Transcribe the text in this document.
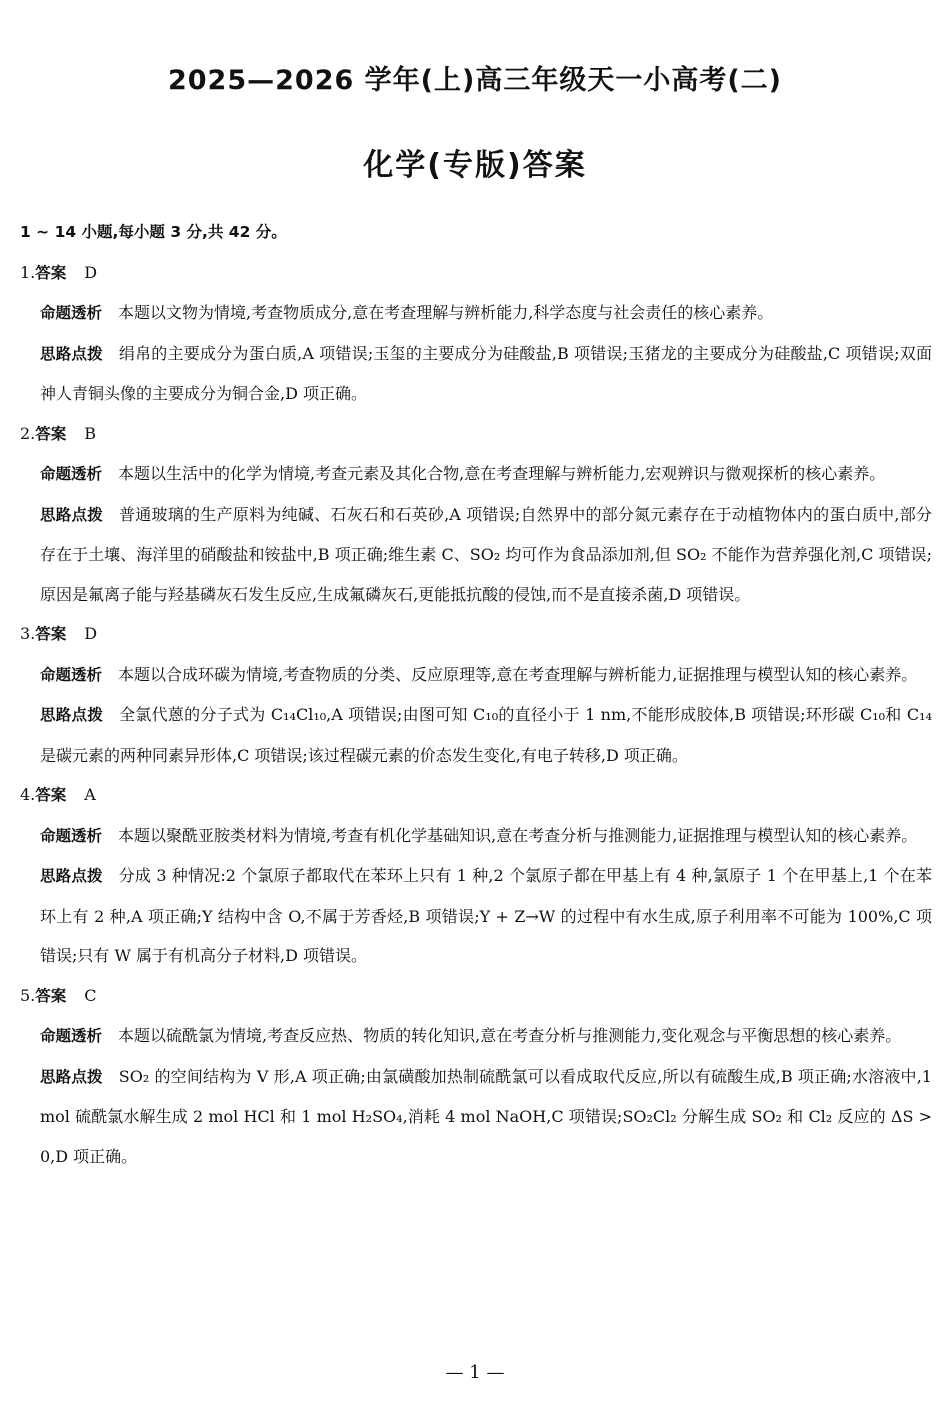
2025—2026 学年(上)高三年级天一小高考(二)
化学(专版)答案
1 ~ 14 小题,每小题 3 分,共 42 分。
1.答案 D
命题透析 本题以文物为情境,考查物质成分,意在考查理解与辨析能力,科学态度与社会责任的核心素养。
思路点拨 绢帛的主要成分为蛋白质,A 项错误;玉玺的主要成分为硅酸盐,B 项错误;玉猪龙的主要成分为硅酸盐,C 项错误;双面神人青铜头像的主要成分为铜合金,D 项正确。
2.答案 B
命题透析 本题以生活中的化学为情境,考查元素及其化合物,意在考查理解与辨析能力,宏观辨识与微观探析的核心素养。
思路点拨 普通玻璃的生产原料为纯碱、石灰石和石英砂,A 项错误;自然界中的部分氮元素存在于动植物体内的蛋白质中,部分存在于土壤、海洋里的硝酸盐和铵盐中,B 项正确;维生素 C、SO₂ 均可作为食品添加剂,但 SO₂ 不能作为营养强化剂,C 项错误;原因是氟离子能与羟基磷灰石发生反应,生成氟磷灰石,更能抵抗酸的侵蚀,而不是直接杀菌,D 项错误。
3.答案 D
命题透析 本题以合成环碳为情境,考查物质的分类、反应原理等,意在考查理解与辨析能力,证据推理与模型认知的核心素养。
思路点拨 全氯代蒽的分子式为 C₁₄Cl₁₀,A 项错误;由图可知 C₁₀的直径小于 1 nm,不能形成胶体,B 项错误;环形碳 C₁₀和 C₁₄是碳元素的两种同素异形体,C 项错误;该过程碳元素的价态发生变化,有电子转移,D 项正确。
4.答案 A
命题透析 本题以聚酰亚胺类材料为情境,考查有机化学基础知识,意在考查分析与推测能力,证据推理与模型认知的核心素养。
思路点拨 分成 3 种情况:2 个氯原子都取代在苯环上只有 1 种,2 个氯原子都在甲基上有 4 种,氯原子 1 个在甲基上,1 个在苯环上有 2 种,A 项正确;Y 结构中含 O,不属于芳香烃,B 项错误;Y + Z→W 的过程中有水生成,原子利用率不可能为 100%,C 项错误;只有 W 属于有机高分子材料,D 项错误。
5.答案 C
命题透析 本题以硫酰氯为情境,考查反应热、物质的转化知识,意在考查分析与推测能力,变化观念与平衡思想的核心素养。
思路点拨 SO₂ 的空间结构为 V 形,A 项正确;由氯磺酸加热制硫酰氯可以看成取代反应,所以有硫酸生成,B 项正确;水溶液中,1 mol 硫酰氯水解生成 2 mol HCl 和 1 mol H₂SO₄,消耗 4 mol NaOH,C 项错误;SO₂Cl₂ 分解生成 SO₂ 和 Cl₂ 反应的 ΔS > 0,D 项正确。
— 1 —
